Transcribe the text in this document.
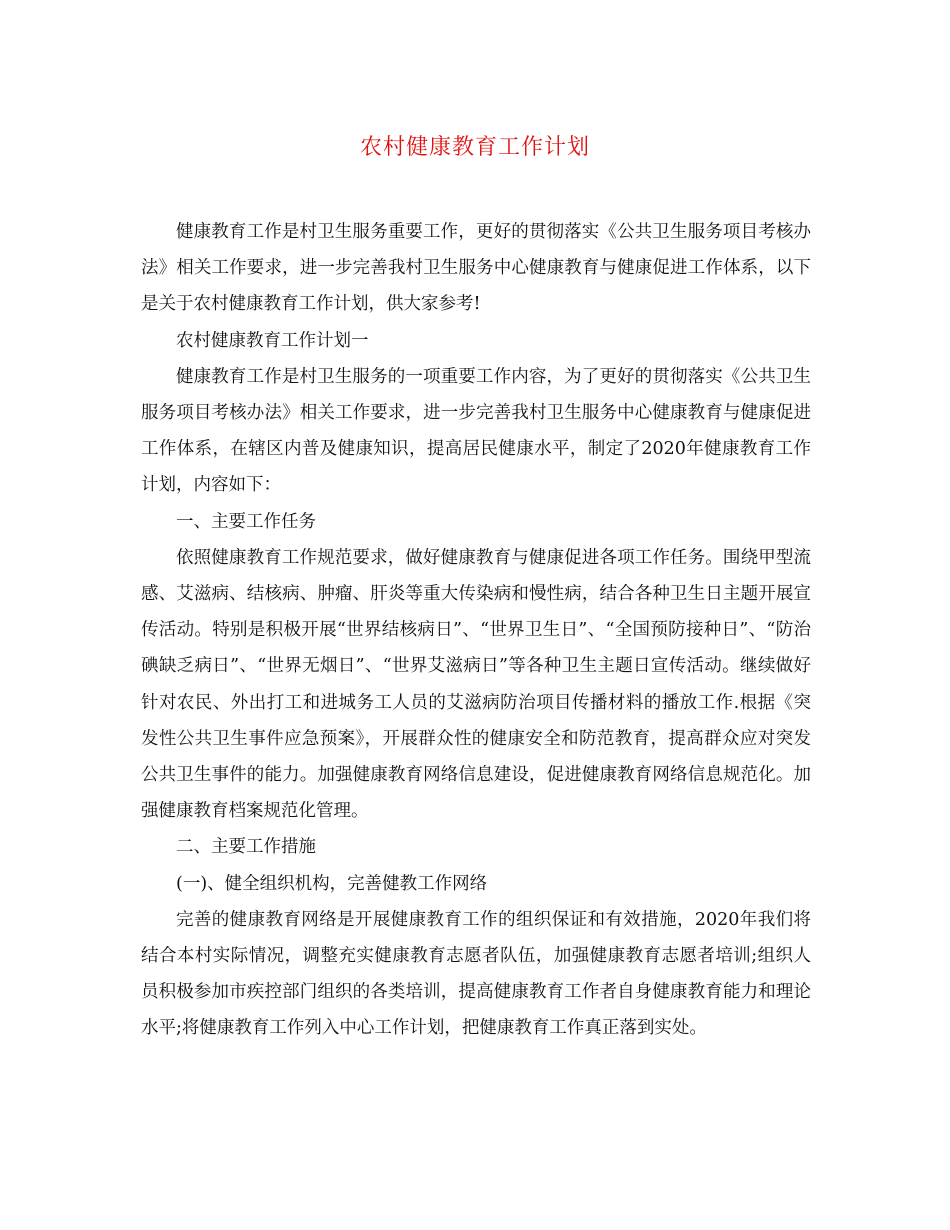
农村健康教育工作计划

健康教育工作是村卫生服务重要工作，更好的贯彻落实《公共卫生服务项目考核办法》相关工作要求，进一步完善我村卫生服务中心健康教育与健康促进工作体系，以下是关于农村健康教育工作计划，供大家参考!

农村健康教育工作计划一

健康教育工作是村卫生服务的一项重要工作内容，为了更好的贯彻落实《公共卫生服务项目考核办法》相关工作要求，进一步完善我村卫生服务中心健康教育与健康促进工作体系，在辖区内普及健康知识，提高居民健康水平，制定了2020年健康教育工作计划，内容如下：

一、主要工作任务

依照健康教育工作规范要求，做好健康教育与健康促进各项工作任务。围绕甲型流感、艾滋病、结核病、肿瘤、肝炎等重大传染病和慢性病，结合各种卫生日主题开展宣传活动。特别是积极开展“世界结核病日”、“世界卫生日”、“全国预防接种日”、“防治碘缺乏病日”、“世界无烟日”、“世界艾滋病日”等各种卫生主题日宣传活动。继续做好针对农民、外出打工和进城务工人员的艾滋病防治项目传播材料的播放工作.根据《突发性公共卫生事件应急预案》，开展群众性的健康安全和防范教育，提高群众应对突发公共卫生事件的能力。加强健康教育网络信息建设，促进健康教育网络信息规范化。加强健康教育档案规范化管理。

二、主要工作措施

(一)、健全组织机构，完善健教工作网络

完善的健康教育网络是开展健康教育工作的组织保证和有效措施，2020年我们将结合本村实际情况，调整充实健康教育志愿者队伍，加强健康教育志愿者培训;组织人员积极参加市疾控部门组织的各类培训，提高健康教育工作者自身健康教育能力和理论水平;将健康教育工作列入中心工作计划，把健康教育工作真正落到实处。
